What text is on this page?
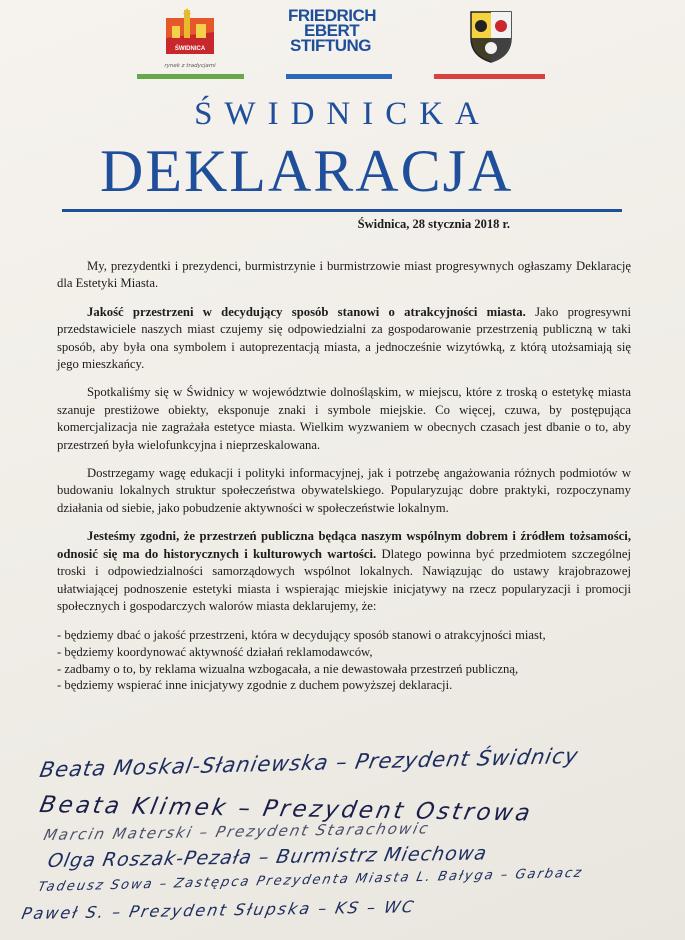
ŚWIDNICA
rynek z tradycjami
FRIEDRICH
EBERT
STIFTUNG
ŚWIDNICKA
DEKLARACJA
Świdnica, 28 stycznia 2018 r.

My, prezydentki i prezydenci, burmistrzynie i burmistrzowie miast progresywnych ogłaszamy Deklarację dla Estetyki Miasta.

Jakość przestrzeni w decydujący sposób stanowi o atrakcyjności miasta. Jako progresywni przedstawiciele naszych miast czujemy się odpowiedzialni za gospodarowanie przestrzenią publiczną w taki sposób, aby była ona symbolem i autoprezentacją miasta, a jednocześnie wizytówką, z którą utożsamiają się jego mieszkańcy.

Spotkaliśmy się w Świdnicy w województwie dolnośląskim, w miejscu, które z troską o estetykę miasta szanuje prestiżowe obiekty, eksponuje znaki i symbole miejskie. Co więcej, czuwa, by postępująca komercjalizacja nie zagrażała estetyce miasta. Wielkim wyzwaniem w obecnych czasach jest dbanie o to, aby przestrzeń była wielofunkcyjna i nieprzeskalowana.

Dostrzegamy wagę edukacji i polityki informacyjnej, jak i potrzebę angażowania różnych podmiotów w budowaniu lokalnych struktur społeczeństwa obywatelskiego. Popularyzując dobre praktyki, rozpoczynamy działania od siebie, jako pobudzenie aktywności w społeczeństwie lokalnym.

Jesteśmy zgodni, że przestrzeń publiczna będąca naszym wspólnym dobrem i źródłem tożsamości, odnosić się ma do historycznych i kulturowych wartości. Dlatego powinna być przedmiotem szczególnej troski i odpowiedzialności samorządowych wspólnot lokalnych. Nawiązując do ustawy krajobrazowej ułatwiającej podnoszenie estetyki miasta i wspierając miejskie inicjatywy na rzecz popularyzacji i promocji społecznych i gospodarczych walorów miasta deklarujemy, że:

- będziemy dbać o jakość przestrzeni, która w decydujący sposób stanowi o atrakcyjności miast,
- będziemy koordynować aktywność działań reklamodawców,
- zadbamy o to, by reklama wizualna wzbogacała, a nie dewastowała przestrzeń publiczną,
- będziemy wspierać inne inicjatywy zgodnie z duchem powyższej deklaracji.
Beata Moskal-Słaniewska – Prezydent Świdnicy
Beata Klimek – Prezydent Ostrowa
Marcin Materski – Prezydent Starachowic
Olga Roszak-Pezała – Burmistrz Miechowa
Tadeusz Sowa – Zastępca Prezydenta Miasta L. Bałyga – Garbacz
Paweł S. – Prezydent Słupska – KS – WC
